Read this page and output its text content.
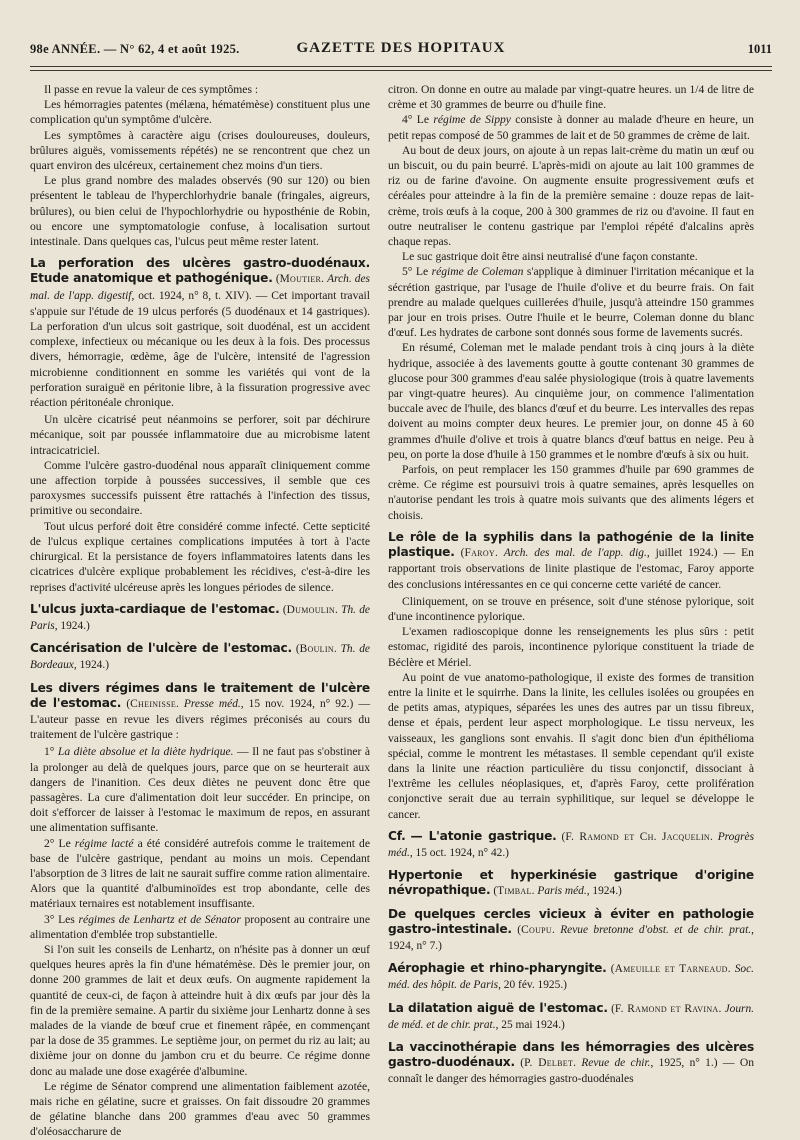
98e ANNÉE. — N° 62, 4 et août 1925.	GAZETTE DES HOPITAUX	1011

Il passe en revue la valeur de ces symptômes :

Les hémorragies patentes (mélæna, hématémèse) constituent plus une complication qu'un symptôme d'ulcère.

Les symptômes à caractère aigu (crises douloureuses, douleurs, brûlures aiguës, vomissements répétés) ne se rencontrent que chez un quart environ des ulcéreux, certainement chez moins d'un tiers.

Le plus grand nombre des malades observés (90 sur 120) ou bien présentent le tableau de l'hyperchlorhydrie banale (fringales, aigreurs, brûlures), ou bien celui de l'hypochlorhydrie ou hyposthénie de Robin, ou encore une symptomatologie confuse, à localisation surtout intestinale. Dans quelques cas, l'ulcus peut même rester latent.

La perforation des ulcères gastro-duodénaux. Etude anatomique et pathogénique. (Moutier. Arch. des mal. de l'app. digestif, oct. 1924, n° 8, t. XIV). — Cet important travail s'appuie sur l'étude de 19 ulcus perforés (5 duodénaux et 14 gastriques). La perforation d'un ulcus soit gastrique, soit duodénal, est un accident complexe, infectieux ou mécanique ou les deux à la fois. Des processus divers, hémorragie, œdème, âge de l'ulcère, intensité de l'agression microbienne conditionnent en somme les variétés qui vont de la perforation suraiguë en péritonie libre, à la fissuration progressive avec réaction péritonéale chronique.

Un ulcère cicatrisé peut néanmoins se perforer, soit par déchirure mécanique, soit par poussée inflammatoire due au microbisme latent intracicatriciel.

Comme l'ulcère gastro-duodénal nous apparaît cliniquement comme une affection torpide à poussées successives, il semble que ces paroxysmes successifs puissent être rattachés à l'infection des tissus, primitive ou secondaire.

Tout ulcus perforé doit être considéré comme infecté. Cette septicité de l'ulcus explique certaines complications imputées à tort à l'acte chirurgical. Et la persistance de foyers inflammatoires latents dans les cicatrices d'ulcère explique probablement les récidives, c'est-à-dire les reprises d'activité ulcéreuse après les longues périodes de silence.

L'ulcus juxta-cardiaque de l'estomac. (Dumoulin. Th. de Paris, 1924.)

Cancérisation de l'ulcère de l'estomac. (Boulin. Th. de Bordeaux, 1924.)

Les divers régimes dans le traitement de l'ulcère de l'estomac. (Cheinisse. Presse méd., 15 nov. 1924, n° 92.) — L'auteur passe en revue les divers régimes préconisés au cours du traitement de l'ulcère gastrique :

1° La diète absolue et la diète hydrique. — Il ne faut pas s'obstiner à la prolonger au delà de quelques jours, parce que on se heurterait aux dangers de l'inanition. Ces deux diètes ne peuvent donc être que passagères. La cure d'alimentation doit leur succéder. En principe, on doit s'efforcer de laisser à l'estomac le maximum de repos, en assurant une alimentation suffisante.

2° Le régime lacté a été considéré autrefois comme le traitement de base de l'ulcère gastrique, pendant au moins un mois. Cependant l'absorption de 3 litres de lait ne saurait suffire comme ration alimentaire. Alors que la quantité d'albuminoïdes est trop abondante, celle des matériaux ternaires est notablement insuffisante.

3° Les régimes de Lenhartz et de Sénator proposent au contraire une alimentation d'emblée trop substantielle.

Si l'on suit les conseils de Lenhartz, on n'hésite pas à donner un œuf quelques heures après la fin d'une hématémèse. Dès le premier jour, on donne 200 grammes de lait et deux œufs. On augmente rapidement la quantité de ceux-ci, de façon à atteindre huit à dix œufs par jour dès la fin de la première semaine. A partir du sixième jour Lenhartz donne à ses malades de la viande de bœuf crue et finement râpée, en commençant par la dose de 35 grammes. Le septième jour, on permet du riz au lait; au dixième jour on donne du jambon cru et du beurre. Ce régime donne donc au malade une dose exagérée d'albumine.

Le régime de Sénator comprend une alimentation faiblement azotée, mais riche en gélatine, sucre et graisses. On fait dissoudre 20 grammes de gélatine blanche dans 200 grammes d'eau avec 50 grammes d'oléosaccharure de

citron. On donne en outre au malade par vingt-quatre heures. un 1/4 de litre de crème et 30 grammes de beurre ou d'huile fine.

4° Le régime de Sippy consiste à donner au malade d'heure en heure, un petit repas composé de 50 grammes de lait et de 50 grammes de crème de lait.

Au bout de deux jours, on ajoute à un repas lait-crème du matin un œuf ou un biscuit, ou du pain beurré. L'après-midi on ajoute au lait 100 grammes de riz ou de farine d'avoine. On augmente ensuite progressivement œufs et céréales pour atteindre à la fin de la première semaine : douze repas de lait-crème, trois œufs à la coque, 200 à 300 grammes de riz ou d'avoine. Il faut en outre neutraliser le contenu gastrique par l'emploi répété d'alcalins après chaque repas.

Le suc gastrique doit être ainsi neutralisé d'une façon constante.

5° Le régime de Coleman s'applique à diminuer l'irritation mécanique et la sécrétion gastrique, par l'usage de l'huile d'olive et du beurre frais. On fait prendre au malade quelques cuillerées d'huile, jusqu'à atteindre 150 grammes par jour en trois prises. Outre l'huile et le beurre, Coleman donne du blanc d'œuf. Les hydrates de carbone sont donnés sous forme de lavements sucrés.

En résumé, Coleman met le malade pendant trois à cinq jours à la diète hydrique, associée à des lavements goutte à goutte contenant 30 grammes de glucose pour 300 grammes d'eau salée physiologique (trois à quatre lavements par vingt-quatre heures). Au cinquième jour, on commence l'alimentation buccale avec de l'huile, des blancs d'œuf et du beurre. Les intervalles des repas doivent au moins compter deux heures. Le premier jour, on donne 45 à 60 grammes d'huile d'olive et trois à quatre blancs d'œuf battus en neige. Peu à peu, on porte la dose d'huile à 150 grammes et le nombre d'œufs à six ou huit.

Parfois, on peut remplacer les 150 grammes d'huile par 690 grammes de crème. Ce régime est poursuivi trois à quatre semaines, après lesquelles on n'autorise pendant les trois à quatre mois suivants que des aliments légers et choisis.

Le rôle de la syphilis dans la pathogénie de la linite plastique. (Faroy. Arch. des mal. de l'app. dig., juillet 1924.) — En rapportant trois observations de linite plastique de l'estomac, Faroy apporte des conclusions intéressantes en ce qui concerne cette variété de cancer.

Cliniquement, on se trouve en présence, soit d'une sténose pylorique, soit d'une incontinence pylorique.

L'examen radioscopique donne les renseignements les plus sûrs : petit estomac, rigidité des parois, incontinence pylorique constituent la triade de Béclère et Mériel.

Au point de vue anatomo-pathologique, il existe des formes de transition entre la linite et le squirrhe. Dans la linite, les cellules isolées ou groupées en de petits amas, atypiques, séparées les unes des autres par un tissu fibreux, dense et épais, perdent leur aspect morphologique. Le tissu nerveux, les vaisseaux, les ganglions sont envahis. Il s'agit donc bien d'un épithélioma spécial, comme le montrent les métastases. Il semble cependant qu'il existe dans la linite une réaction particulière du tissu conjonctif, dissociant à l'extrême les cellules néoplasiques, et, d'après Faroy, cette prolifération conjonctive serait due au terrain syphilitique, sur lequel se développe le cancer.

Cf. — L'atonie gastrique. (F. Ramond et Ch. Jacquelin. Progrès méd., 15 oct. 1924, n° 42.)

Hypertonie et hyperkinésie gastrique d'origine névropathique. (Timbal. Paris méd., 1924.)

De quelques cercles vicieux à éviter en pathologie gastro-intestinale. (Coupu. Revue bretonne d'obst. et de chir. prat., 1924, n° 7.)

Aérophagie et rhino-pharyngite. (Ameuille et Tarneaud. Soc. méd. des hôpit. de Paris, 20 fév. 1925.)

La dilatation aiguë de l'estomac. (F. Ramond et Ravina. Journ. de méd. et de chir. prat., 25 mai 1924.)

La vaccinothérapie dans les hémorragies des ulcères gastro-duodénaux. (P. Delbet. Revue de chir., 1925, n° 1.) — On connaît le danger des hémorragies gastro-duodénales
